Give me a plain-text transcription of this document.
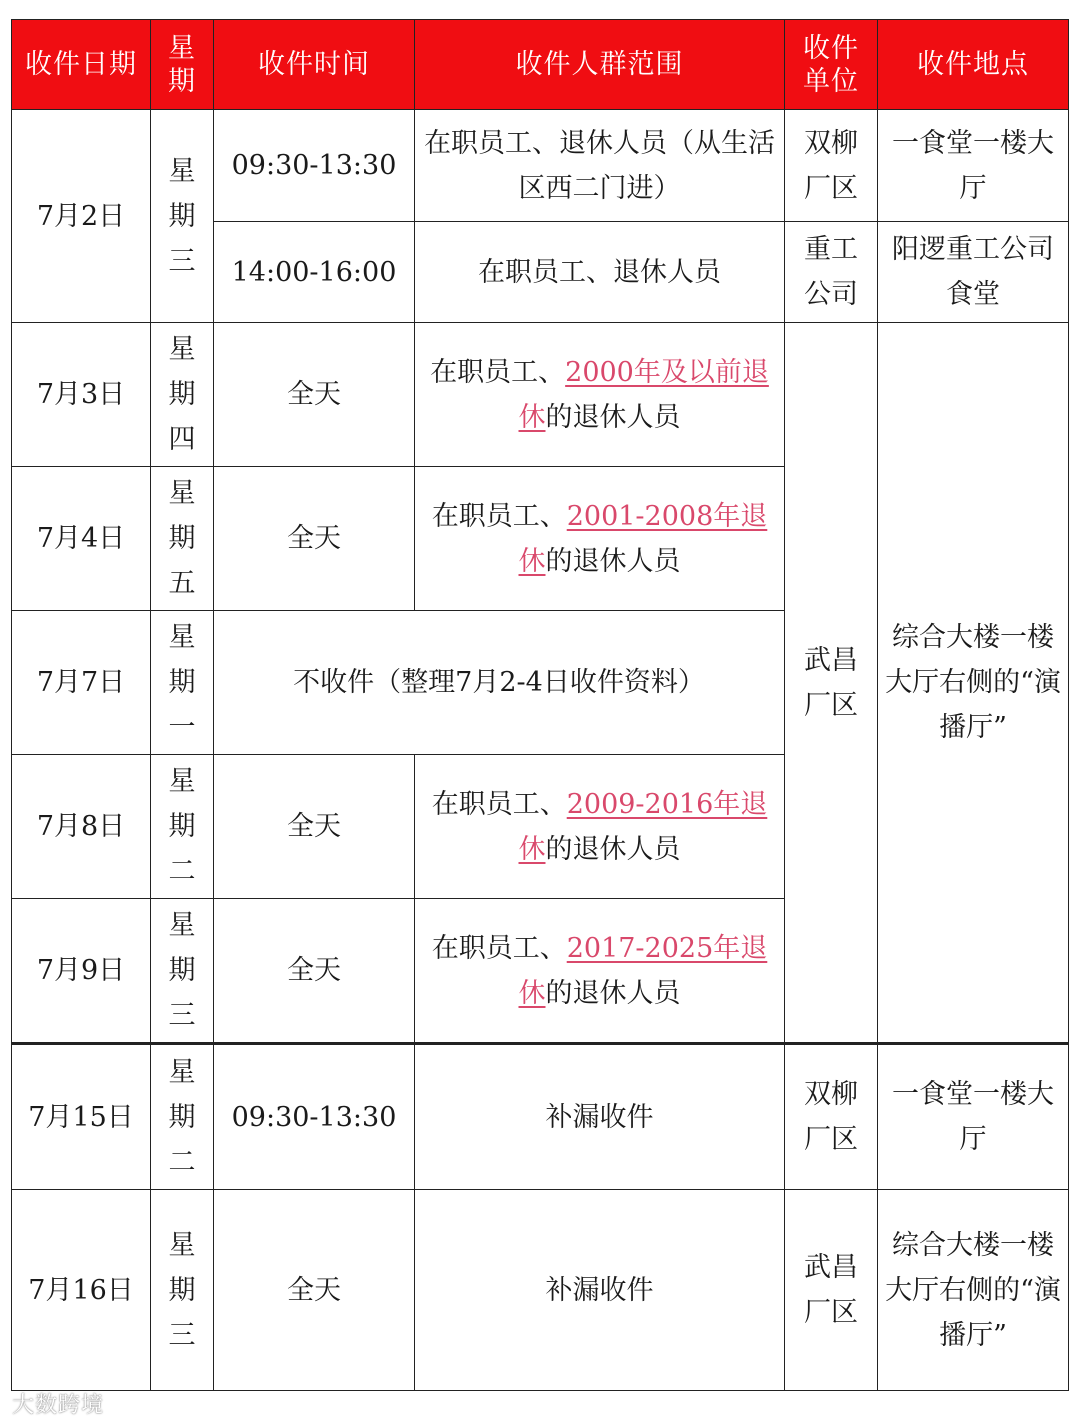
收件日期	星期	收件时间	收件人群范围	收件单位	收件地点
7月2日	星期三	09:30-13:30	在职员工、退休人员（从生活区西二门进）	双柳厂区	一食堂一楼大厅
		14:00-16:00	在职员工、退休人员	重工公司	阳逻重工公司食堂
7月3日	星期四	全天	在职员工、2000年及以前退休的退休人员	武昌厂区	综合大楼一楼大厅右侧的“演播厅”
7月4日	星期五	全天	在职员工、2001-2008年退休的退休人员		
7月7日	星期一	不收件（整理7月2-4日收件资料）			
7月8日	星期二	全天	在职员工、2009-2016年退休的退休人员		
7月9日	星期三	全天	在职员工、2017-2025年退休的退休人员		
7月15日	星期二	09:30-13:30	补漏收件	双柳厂区	一食堂一楼大厅
7月16日	星期三	全天	补漏收件	武昌厂区	综合大楼一楼大厅右侧的“演播厅”
大数跨境
